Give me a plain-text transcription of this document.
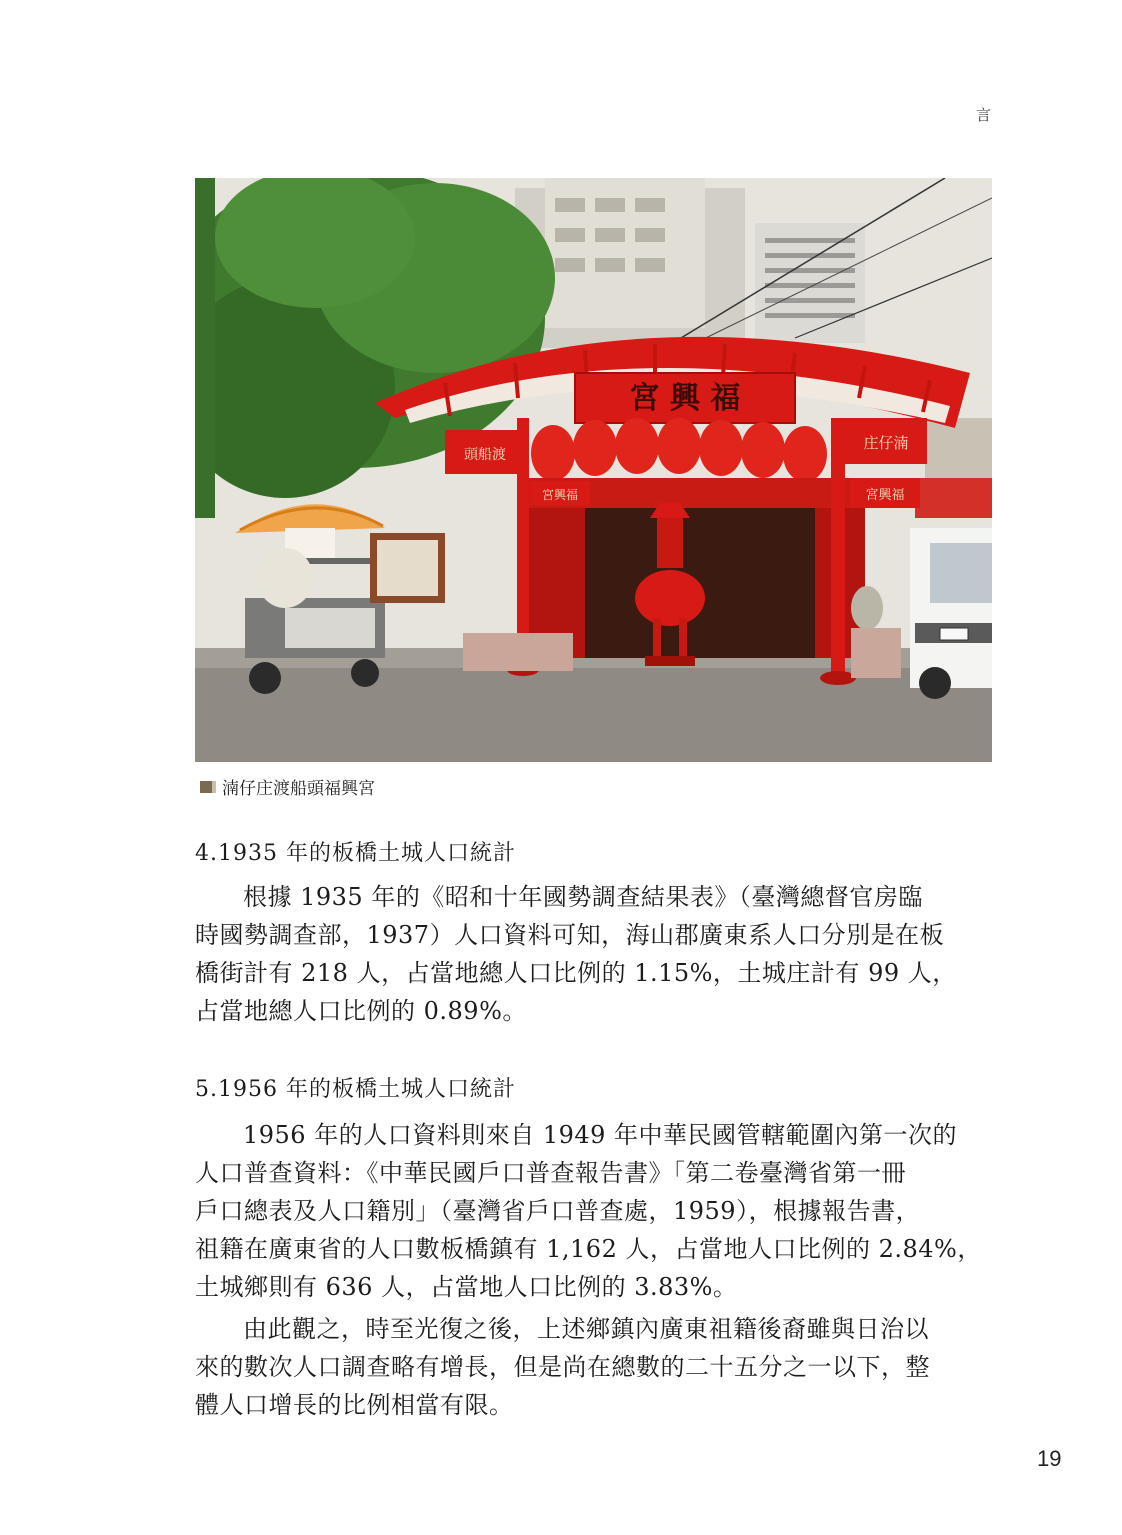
言
宮 興 福
頭船渡
庄仔湳
宮興福
宮興福
湳仔庄渡船頭福興宮
4.1935 年的板橋土城人口統計

根據 1935 年的《昭和十年國勢調查結果表》（臺灣總督官房臨
時國勢調查部，1937）人口資料可知，海山郡廣東系人口分別是在板
橋街計有 218 人，占當地總人口比例的 1.15%，土城庄計有 99 人，
占當地總人口比例的 0.89%。

5.1956 年的板橋土城人口統計

1956 年的人口資料則來自 1949 年中華民國管轄範圍內第一次的
人口普查資料：《中華民國戶口普查報告書》「第二卷臺灣省第一冊
戶口總表及人口籍別」（臺灣省戶口普查處，1959），根據報告書，
祖籍在廣東省的人口數板橋鎮有 1,162 人，占當地人口比例的 2.84%，
土城鄉則有 636 人，占當地人口比例的 3.83%。

由此觀之，時至光復之後，上述鄉鎮內廣東祖籍後裔雖與日治以
來的數次人口調查略有增長，但是尚在總數的二十五分之一以下，整
體人口增長的比例相當有限。

19
